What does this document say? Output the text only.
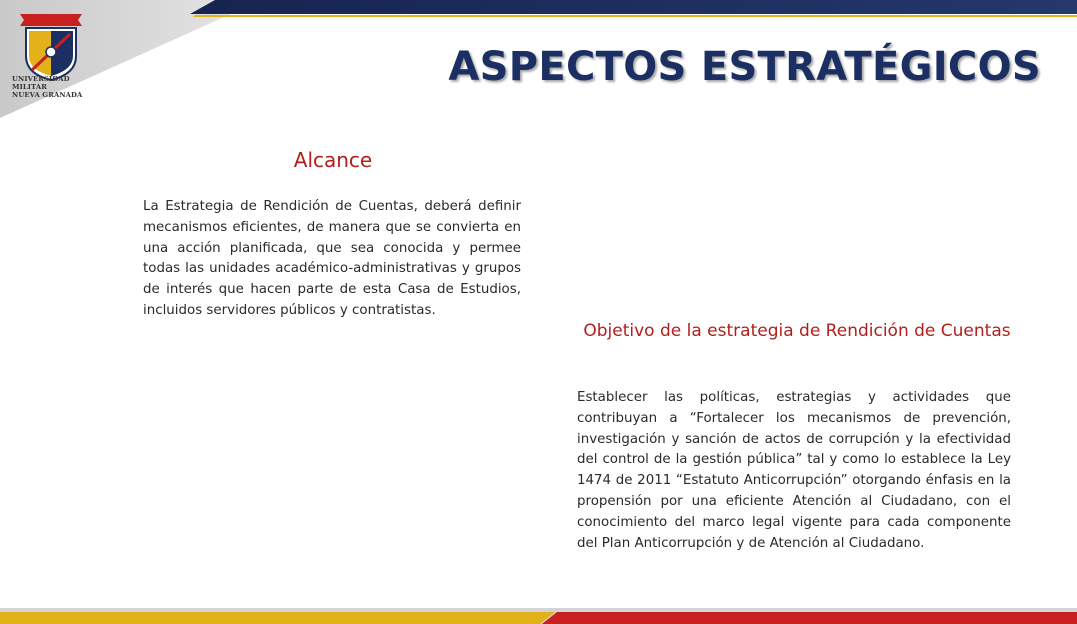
UNIVERSIDAD MILITAR
NUEVA GRANADA
ASPECTOS ESTRATÉGICOS
Alcance

La Estrategia de Rendición de Cuentas, deberá definir mecanismos eficientes, de manera que se convierta en una acción planificada, que sea conocida y permee todas las unidades académico-administrativas y grupos de interés que hacen parte de esta Casa de Estudios, incluidos servidores públicos y contratistas.

Objetivo de la estrategia de Rendición de Cuentas

Establecer las políticas, estrategias y actividades que contribuyan a “Fortalecer los mecanismos de prevención, investigación y sanción de actos de corrupción y la efectividad del control de la gestión pública” tal y como lo establece la Ley 1474 de 2011 “Estatuto Anticorrupción” otorgando énfasis en la propensión por una eficiente Atención al Ciudadano, con el conocimiento del marco legal vigente para cada componente del Plan Anticorrupción y de Atención al Ciudadano.
